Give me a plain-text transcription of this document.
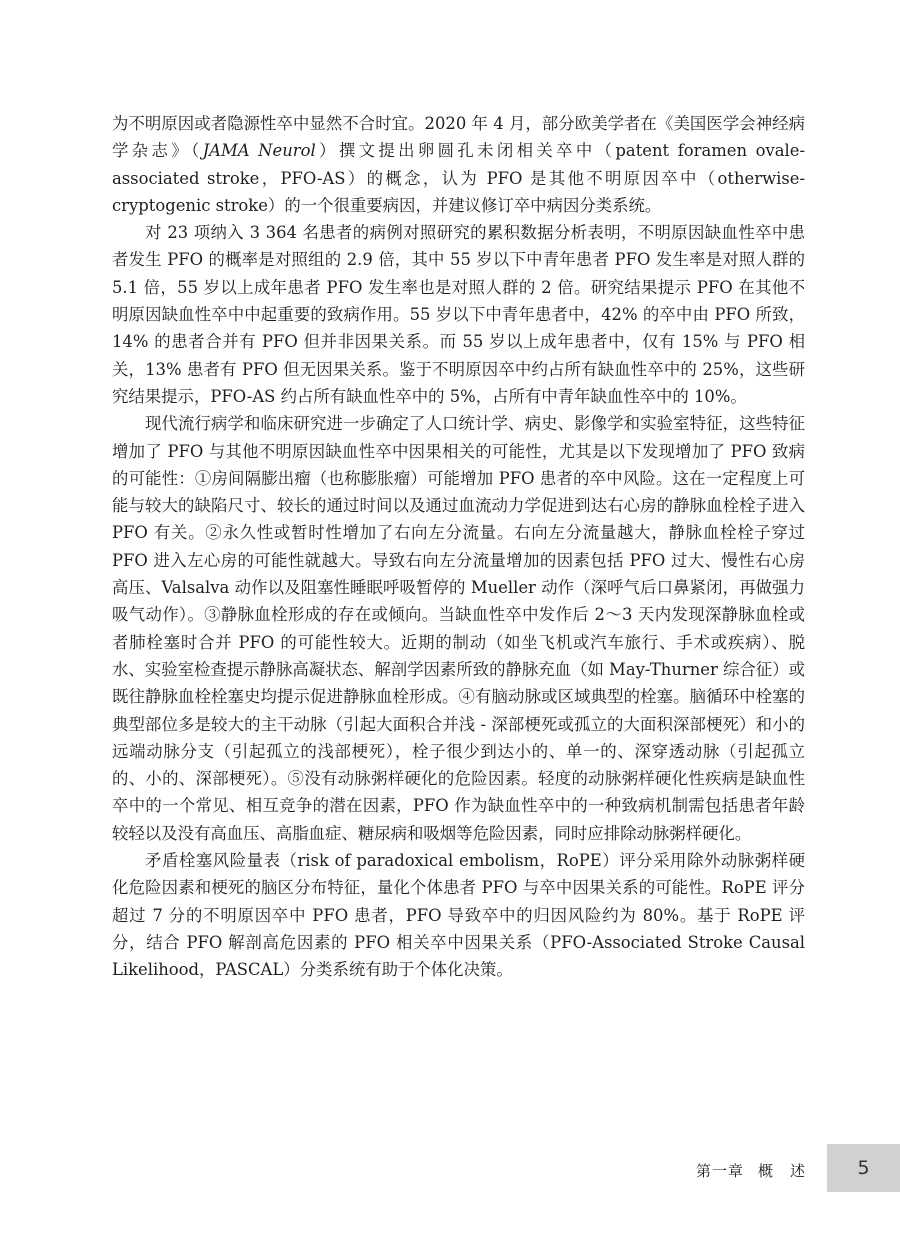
为不明原因或者隐源性卒中显然不合时宜。2020 年 4 月，部分欧美学者在《美国医学会神经病学杂志》（JAMA Neurol）撰文提出卵圆孔未闭相关卒中（patent foramen ovale-associated stroke，PFO-AS）的概念，认为 PFO 是其他不明原因卒中（otherwise-cryptogenic stroke）的一个很重要病因，并建议修订卒中病因分类系统。

对 23 项纳入 3 364 名患者的病例对照研究的累积数据分析表明，不明原因缺血性卒中患者发生 PFO 的概率是对照组的 2.9 倍，其中 55 岁以下中青年患者 PFO 发生率是对照人群的 5.1 倍，55 岁以上成年患者 PFO 发生率也是对照人群的 2 倍。研究结果提示 PFO 在其他不明原因缺血性卒中中起重要的致病作用。55 岁以下中青年患者中，42% 的卒中由 PFO 所致，14% 的患者合并有 PFO 但并非因果关系。而 55 岁以上成年患者中，仅有 15% 与 PFO 相关，13% 患者有 PFO 但无因果关系。鉴于不明原因卒中约占所有缺血性卒中的 25%，这些研究结果提示，PFO-AS 约占所有缺血性卒中的 5%，占所有中青年缺血性卒中的 10%。

现代流行病学和临床研究进一步确定了人口统计学、病史、影像学和实验室特征，这些特征增加了 PFO 与其他不明原因缺血性卒中因果相关的可能性，尤其是以下发现增加了 PFO 致病的可能性：①房间隔膨出瘤（也称膨胀瘤）可能增加 PFO 患者的卒中风险。这在一定程度上可能与较大的缺陷尺寸、较长的通过时间以及通过血流动力学促进到达右心房的静脉血栓栓子进入 PFO 有关。②永久性或暂时性增加了右向左分流量。右向左分流量越大，静脉血栓栓子穿过 PFO 进入左心房的可能性就越大。导致右向左分流量增加的因素包括 PFO 过大、慢性右心房高压、Valsalva 动作以及阻塞性睡眠呼吸暂停的 Mueller 动作（深呼气后口鼻紧闭，再做强力吸气动作）。③静脉血栓形成的存在或倾向。当缺血性卒中发作后 2～3 天内发现深静脉血栓或者肺栓塞时合并 PFO 的可能性较大。近期的制动（如坐飞机或汽车旅行、手术或疾病）、脱水、实验室检查提示静脉高凝状态、解剖学因素所致的静脉充血（如 May-Thurner 综合征）或既往静脉血栓栓塞史均提示促进静脉血栓形成。④有脑动脉或区域典型的栓塞。脑循环中栓塞的典型部位多是较大的主干动脉（引起大面积合并浅 - 深部梗死或孤立的大面积深部梗死）和小的远端动脉分支（引起孤立的浅部梗死），栓子很少到达小的、单一的、深穿透动脉（引起孤立的、小的、深部梗死）。⑤没有动脉粥样硬化的危险因素。轻度的动脉粥样硬化性疾病是缺血性卒中的一个常见、相互竞争的潜在因素，PFO 作为缺血性卒中的一种致病机制需包括患者年龄较轻以及没有高血压、高脂血症、糖尿病和吸烟等危险因素，同时应排除动脉粥样硬化。

矛盾栓塞风险量表（risk of paradoxical embolism，RoPE）评分采用除外动脉粥样硬化危险因素和梗死的脑区分布特征，量化个体患者 PFO 与卒中因果关系的可能性。RoPE 评分超过 7 分的不明原因卒中 PFO 患者，PFO 导致卒中的归因风险约为 80%。基于 RoPE 评分，结合 PFO 解剖高危因素的 PFO 相关卒中因果关系（PFO-Associated Stroke Causal Likelihood，PASCAL）分类系统有助于个体化决策。

第一章 概　述	5
